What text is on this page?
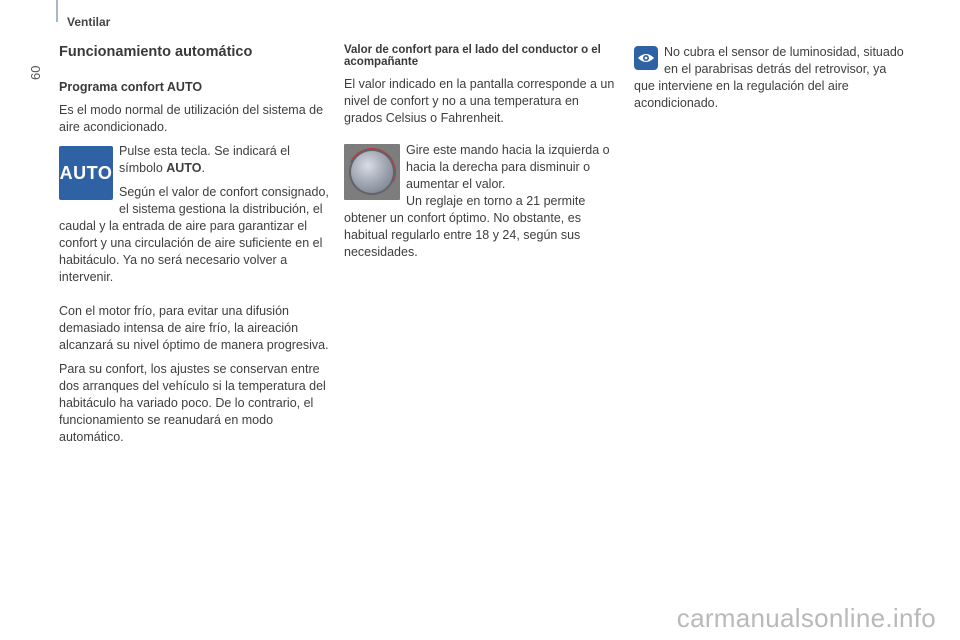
Ventilar
60
Funcionamiento automático
Programa confort AUTO

Es el modo normal de utilización del sistema de aire acondicionado.

AUTO

Pulse esta tecla. Se indicará el símbolo AUTO.

Según el valor de confort consignado, el sistema gestiona la distribución, el caudal y la entrada de aire para garantizar el confort y una circulación de aire suficiente en el habitáculo. Ya no será necesario volver a intervenir.

Con el motor frío, para evitar una difusión demasiado intensa de aire frío, la aireación alcanzará su nivel óptimo de manera progresiva.

Para su confort, los ajustes se conservan entre dos arranques del vehículo si la temperatura del habitáculo ha variado poco. De lo contrario, el funcionamiento se reanudará en modo automático.

Valor de confort para el lado del conductor o el acompañante

El valor indicado en la pantalla corresponde a un nivel de confort y no a una temperatura en grados Celsius o Fahrenheit.

Gire este mando hacia la izquierda o hacia la derecha para disminuir o aumentar el valor.

Un reglaje en torno a 21 permite obtener un confort óptimo. No obstante, es habitual regularlo entre 18 y 24, según sus necesidades.

No cubra el sensor de luminosidad, situado en el parabrisas detrás del retrovisor, ya que interviene en la regulación del aire acondicionado.

carmanualsonline.info
